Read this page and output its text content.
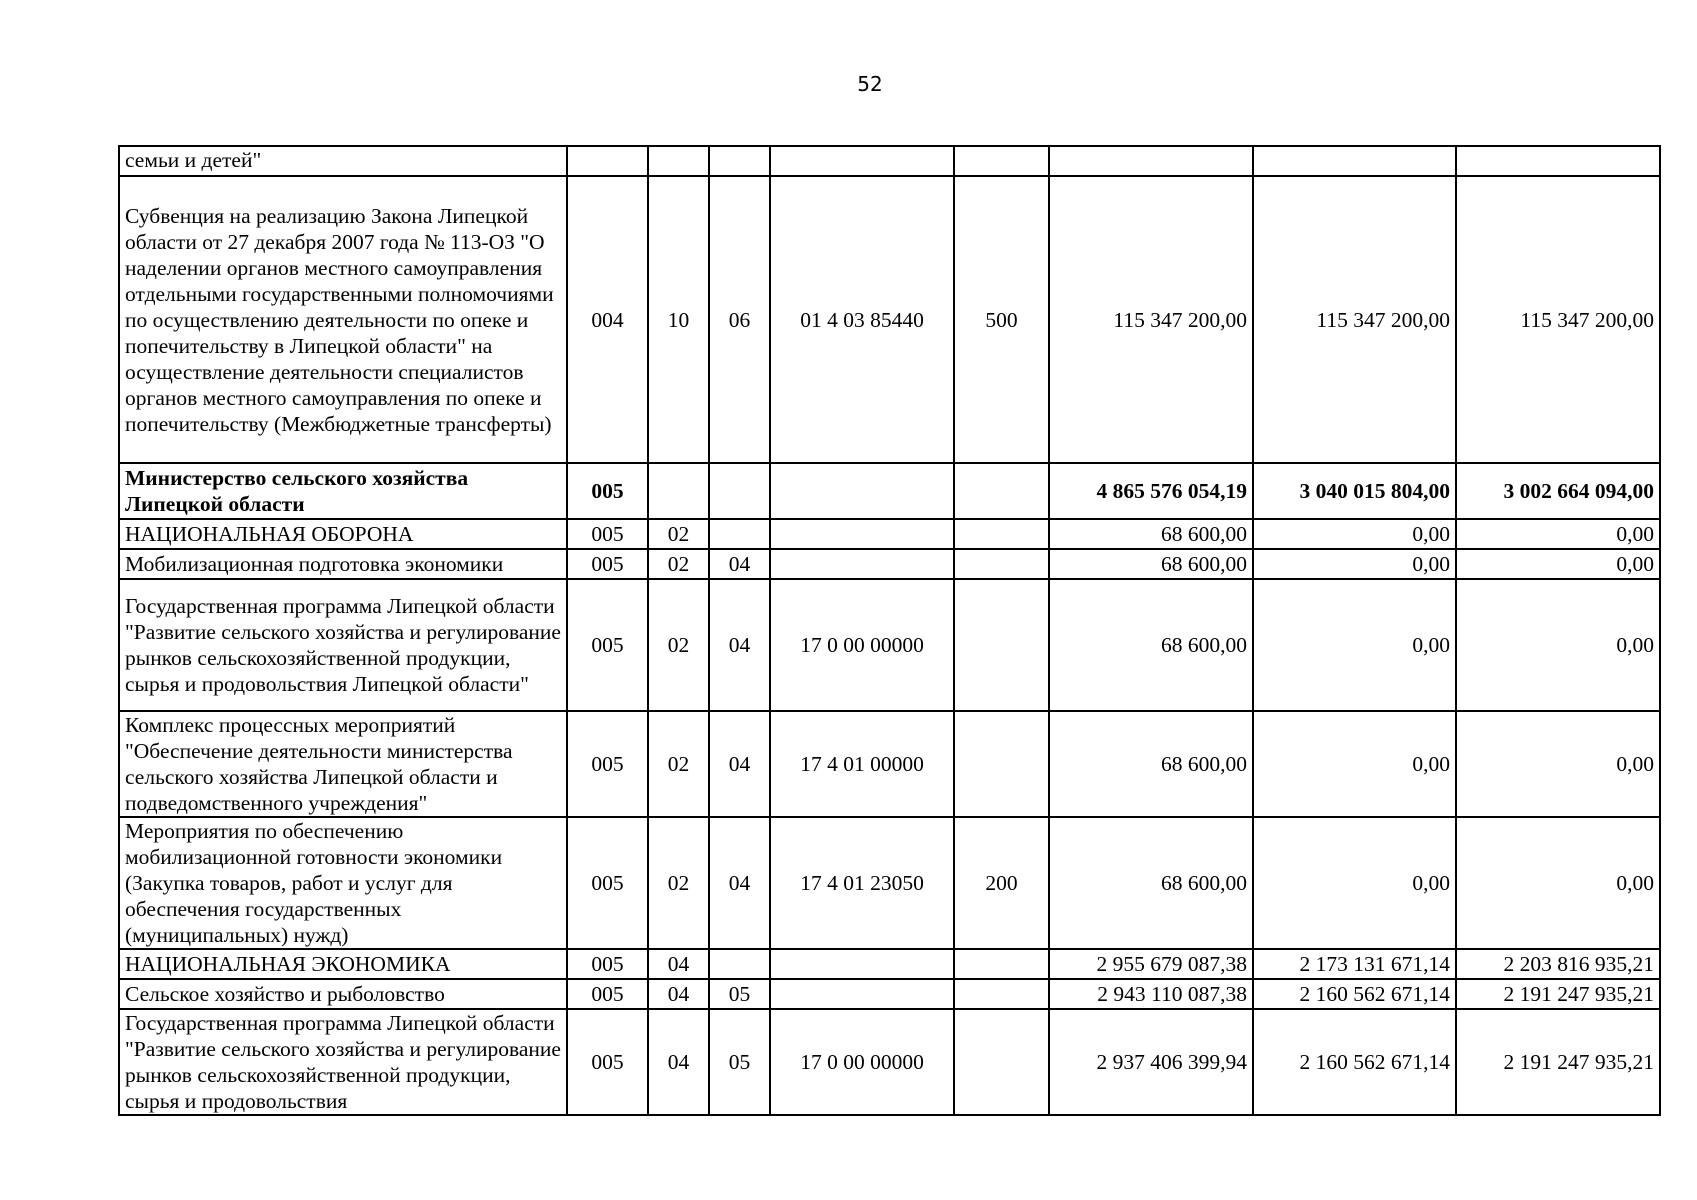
52
семьи и детей"								
Субвенция на реализацию Закона Липецкой области от 27 декабря 2007 года № 113-ОЗ "О наделении органов местного самоуправления отдельными государственными полномочиями по осуществлению деятельности по опеке и попечительству в Липецкой области" на осуществление деятельности специалистов органов местного самоуправления по опеке и попечительству (Межбюджетные трансферты)	004	10	06	01 4 03 85440	500	115 347 200,00	115 347 200,00	115 347 200,00
Министерство сельского хозяйства Липецкой области	005					4 865 576 054,19	3 040 015 804,00	3 002 664 094,00
НАЦИОНАЛЬНАЯ ОБОРОНА	005	02				68 600,00	0,00	0,00
Мобилизационная подготовка экономики	005	02	04			68 600,00	0,00	0,00
Государственная программа Липецкой области "Развитие сельского хозяйства и регулирование рынков сельскохозяйственной продукции, сырья и продовольствия Липецкой области"	005	02	04	17 0 00 00000		68 600,00	0,00	0,00
Комплекс процессных мероприятий "Обеспечение деятельности министерства сельского хозяйства Липецкой области и подведомственного учреждения"	005	02	04	17 4 01 00000		68 600,00	0,00	0,00
Мероприятия по обеспечению мобилизационной готовности экономики (Закупка товаров, работ и услуг для обеспечения государственных (муниципальных) нужд)	005	02	04	17 4 01 23050	200	68 600,00	0,00	0,00
НАЦИОНАЛЬНАЯ ЭКОНОМИКА	005	04				2 955 679 087,38	2 173 131 671,14	2 203 816 935,21
Сельское хозяйство и рыболовство	005	04	05			2 943 110 087,38	2 160 562 671,14	2 191 247 935,21
Государственная программа Липецкой области "Развитие сельского хозяйства и регулирование рынков сельскохозяйственной продукции, сырья и продовольствия	005	04	05	17 0 00 00000		2 937 406 399,94	2 160 562 671,14	2 191 247 935,21
